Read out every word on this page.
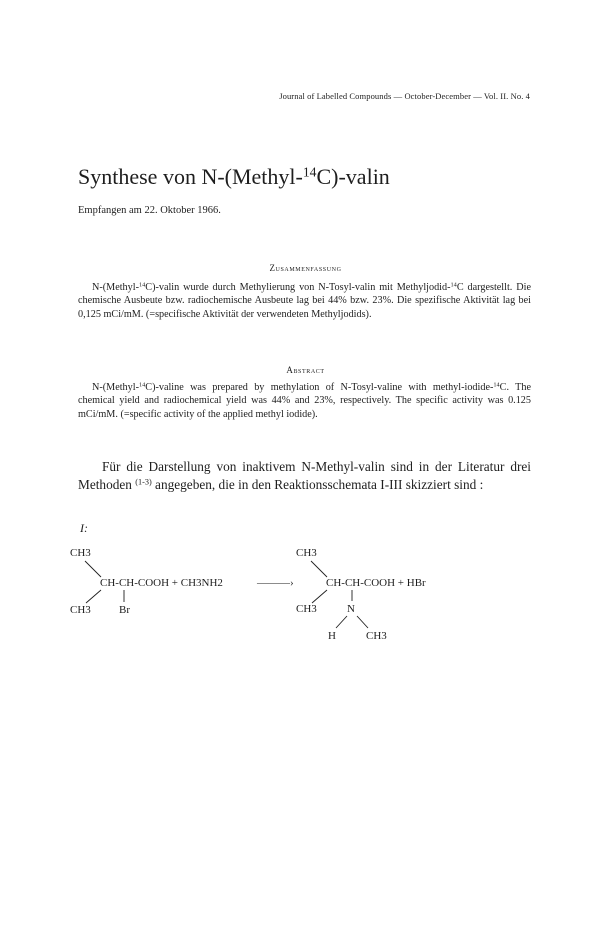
Journal of Labelled Compounds — October-December — Vol. II. No. 4
Synthese von N-(Methyl-$^{14}$C)-valin
Empfangen am 22. Oktober 1966.
Zusammenfassung

N-(Methyl-$^{14}$C)-valin wurde durch Methylierung von N-Tosyl-valin mit Methyljodid-$^{14}$C dargestellt. Die chemische Ausbeute bzw. radiochemische Ausbeute lag bei 44% bzw. 23%. Die spezifische Aktivität lag bei 0,125 mCi/mM. (=specifische Aktivität der verwendeten Methyljodids).

Abstract

N-(Methyl-$^{14}$C)-valine was prepared by methylation of N-Tosyl-valine with methyl-iodide-$^{14}$C. The chemical yield and radiochemical yield was 44% and 23%, respectively. The specific activity was 0.125 mCi/mM. (=specific activity of the applied methyl iodide).

Für die Darstellung von inaktivem N-Methyl-valin sind in der Literatur drei Methoden $^{(1-3)}$ angegeben, die in den Reaktionsschemata I-III skizziert sind :

I:
CH3
CH-CH-COOH + CH3NH2
CH3	Br
———›
CH3
CH-CH-COOH + HBr
CH3	N
H	CH3
